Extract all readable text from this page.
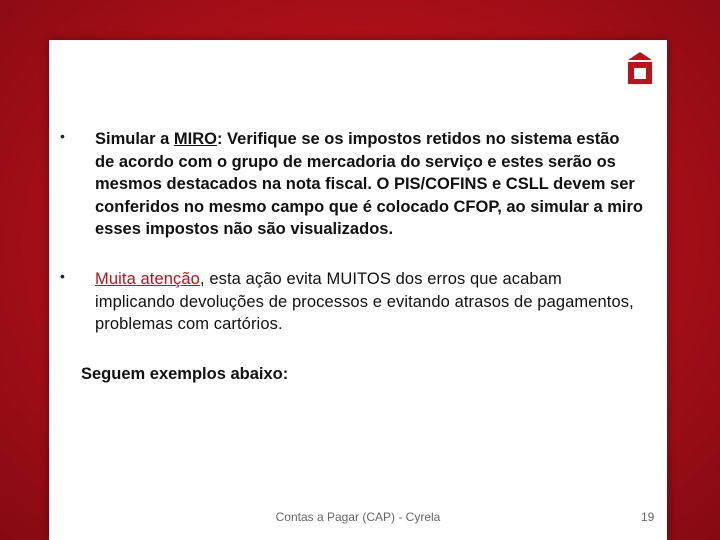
• Simular a MIRO: Verifique se os impostos retidos no sistema estão de acordo com o grupo de mercadoria do serviço e estes serão os mesmos destacados na nota fiscal. O PIS/COFINS e CSLL devem ser conferidos no mesmo campo que é colocado CFOP, ao simular a miro esses impostos não são visualizados.
• Muita atenção, esta ação evita MUITOS dos erros que acabam implicando devoluções de processos e evitando atrasos de pagamentos, problemas com cartórios.
Seguem exemplos abaixo:
Contas a Pagar (CAP) - Cyrela	19
